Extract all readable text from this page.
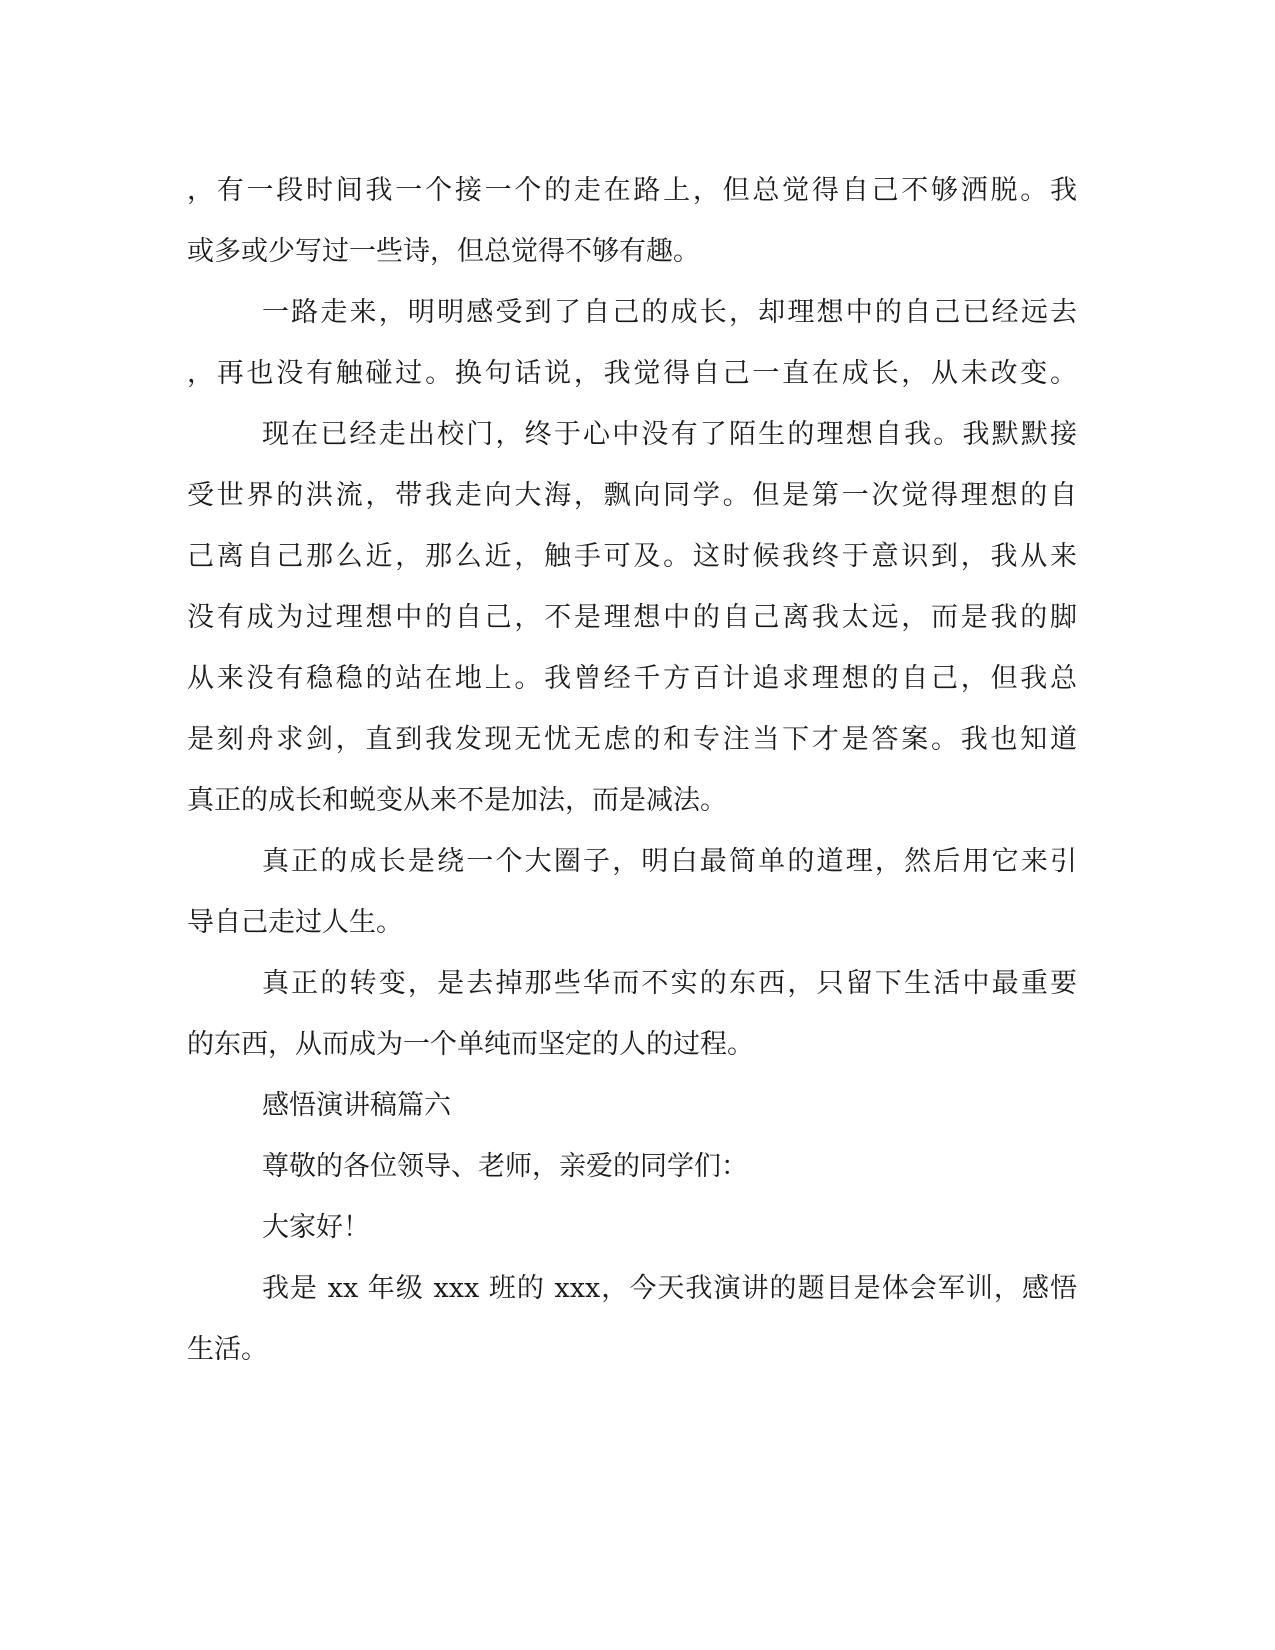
，有一段时间我一个接一个的走在路上，但总觉得自己不够洒脱。我
或多或少写过一些诗，但总觉得不够有趣。
一路走来，明明感受到了自己的成长，却理想中的自己已经远去
，再也没有触碰过。换句话说，我觉得自己一直在成长，从未改变。
现在已经走出校门，终于心中没有了陌生的理想自我。我默默接
受世界的洪流，带我走向大海，飘向同学。但是第一次觉得理想的自
己离自己那么近，那么近，触手可及。这时候我终于意识到，我从来
没有成为过理想中的自己，不是理想中的自己离我太远，而是我的脚
从来没有稳稳的站在地上。我曾经千方百计追求理想的自己，但我总
是刻舟求剑，直到我发现无忧无虑的和专注当下才是答案。我也知道
真正的成长和蜕变从来不是加法，而是减法。
真正的成长是绕一个大圈子，明白最简单的道理，然后用它来引
导自己走过人生。
真正的转变，是去掉那些华而不实的东西，只留下生活中最重要
的东西，从而成为一个单纯而坚定的人的过程。
感悟演讲稿篇六
尊敬的各位领导、老师，亲爱的同学们：
大家好！
我是 xx 年级 xxx 班的 xxx，今天我演讲的题目是体会军训，感悟
生活。
